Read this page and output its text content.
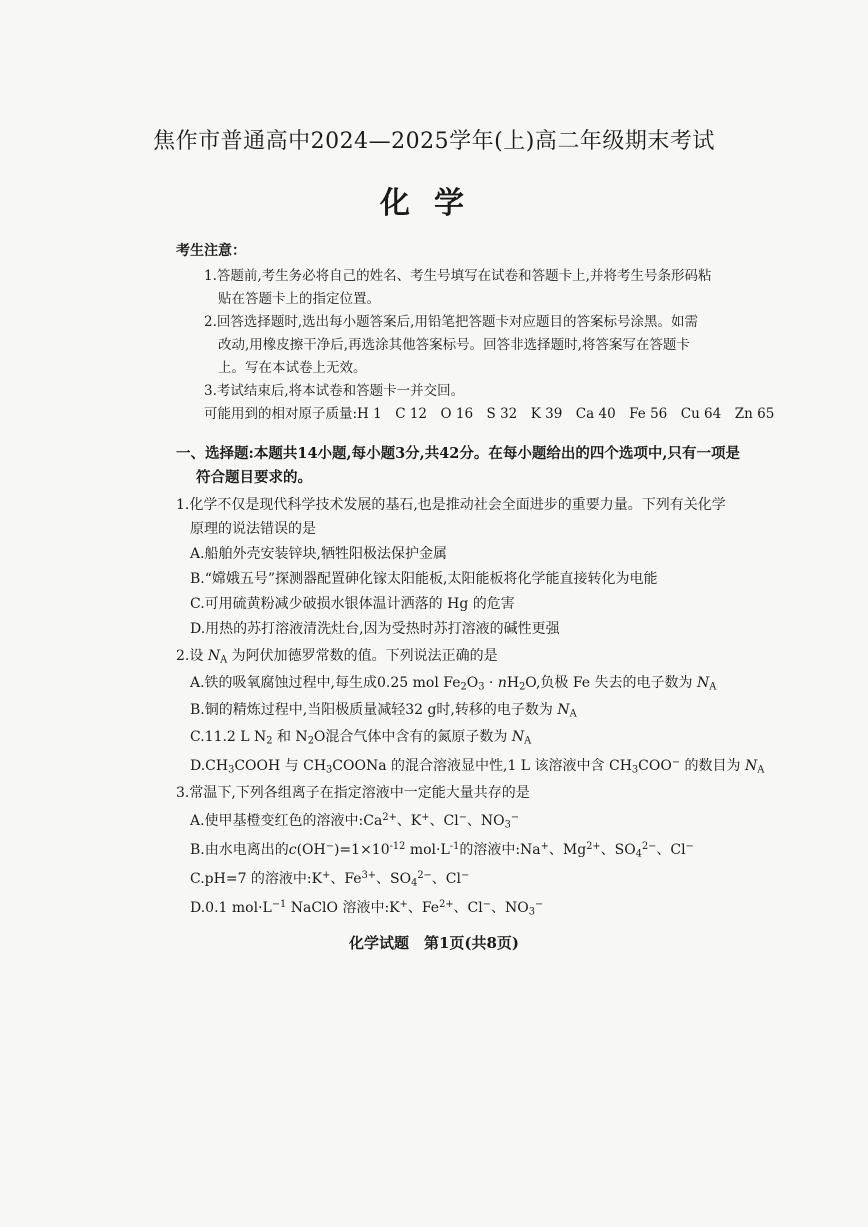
焦作市普通高中2024—2025学年(上)高二年级期末考试
化学
考生注意：
1.答题前,考生务必将自己的姓名、考生号填写在试卷和答题卡上,并将考生号条形码粘
贴在答题卡上的指定位置。
2.回答选择题时,选出每小题答案后,用铅笔把答题卡对应题目的答案标号涂黑。如需
改动,用橡皮擦干净后,再选涂其他答案标号。回答非选择题时,将答案写在答题卡
上。写在本试卷上无效。
3.考试结束后,将本试卷和答题卡一并交回。
可能用到的相对原子质量:H 1　C 12　O 16　S 32　K 39　Ca 40　Fe 56　Cu 64　Zn 65
一、选择题:本题共14小题,每小题3分,共42分。在每小题给出的四个选项中,只有一项是
符合题目要求的。
1.化学不仅是现代科学技术发展的基石,也是推动社会全面进步的重要力量。下列有关化学
原理的说法错误的是
A.船舶外壳安装锌块,牺牲阳极法保护金属
B.“嫦娥五号”探测器配置砷化镓太阳能板,太阳能板将化学能直接转化为电能
C.可用硫黄粉减少破损水银体温计洒落的 Hg 的危害
D.用热的苏打溶液清洗灶台,因为受热时苏打溶液的碱性更强
2.设 $N_A$ 为阿伏加德罗常数的值。下列说法正确的是
A.铁的吸氧腐蚀过程中,每生成0.25 mol $Fe_2O_3 \cdot nH_2O$,负极 Fe 失去的电子数为 $N_A$
B.铜的精炼过程中,当阳极质量减轻32 g时,转移的电子数为 $N_A$
C.11.2 L $N_2$ 和 $N_2O$混合气体中含有的氮原子数为 $N_A$
$D.CH_3COOH$ 与 $CH_3COONa$ 的混合溶液显中性,1 L 该溶液中含 $CH_3COO^-$ 的数目为 $N_A$
3.常温下,下列各组离子在指定溶液中一定能大量共存的是
A.使甲基橙变红色的溶液中$:Ca^{2+}$、K+、Cl−、$NO_3^-$
B.由水电离出的$c(OH^-)=1\times 10^{-12}$ $mol\cdot L^{-1}$的溶液中:Na+、$Mg^{2+}$、$SO_4^{2-}$、Cl−
C.pH=7 的溶液中:K+、$Fe^{3+}$、$SO_4^{2-}$、Cl−
D.0.1 $mol\cdot L^{-1}$ NaClO 溶液中:K+、$Fe^{2+}$、Cl−、$NO_3^-$
化学试题　第1页(共8页)
